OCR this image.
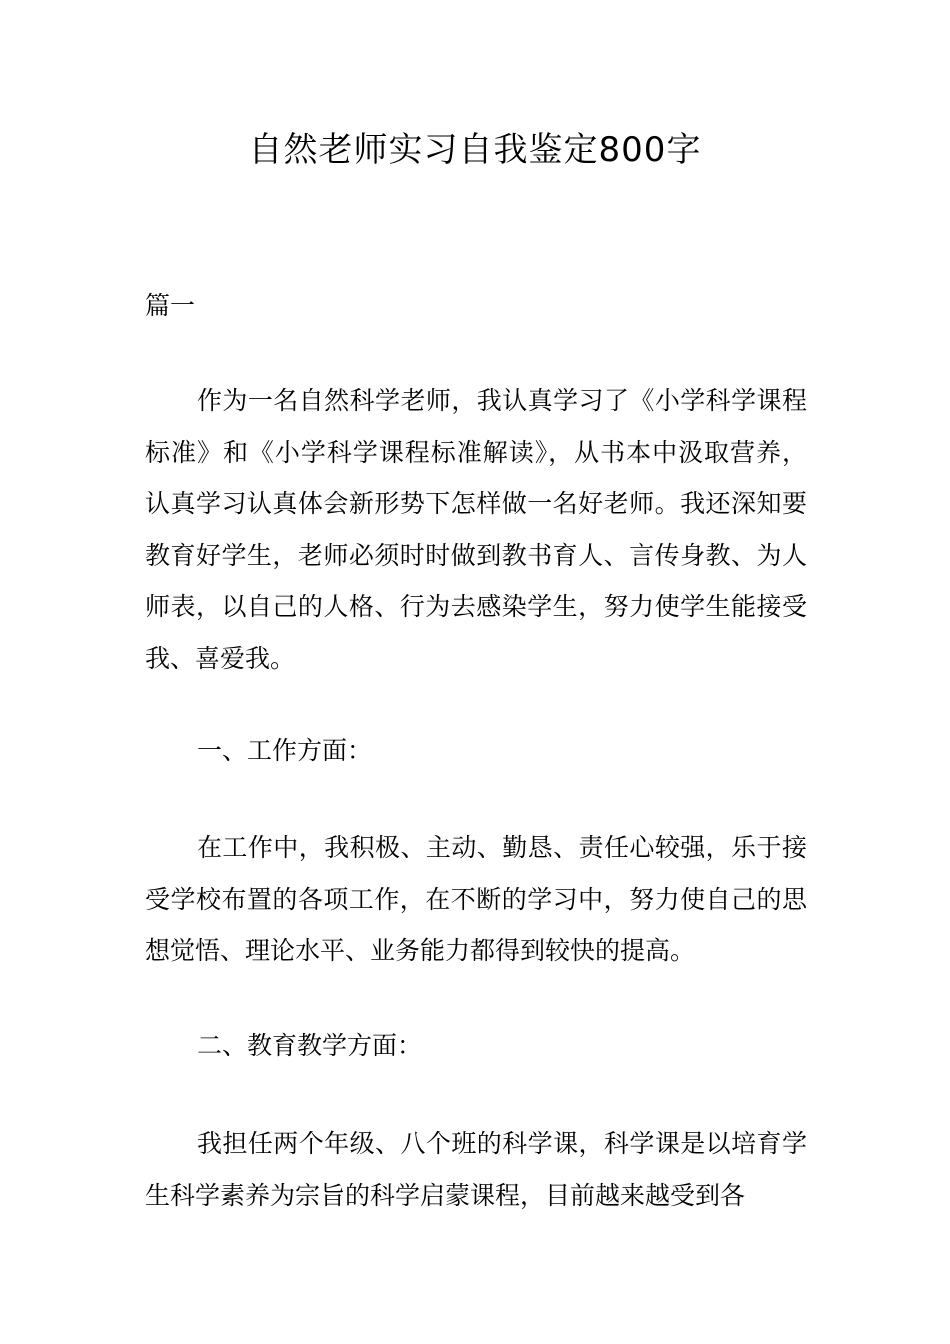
自然老师实习自我鉴定800字

篇一

作为一名自然科学老师，我认真学习了《小学科学课程标准》和《小学科学课程标准解读》，从书本中汲取营养，认真学习认真体会新形势下怎样做一名好老师。我还深知要教育好学生，老师必须时时做到教书育人、言传身教、为人师表，以自己的人格、行为去感染学生，努力使学生能接受我、喜爱我。

一、工作方面：

在工作中，我积极、主动、勤恳、责任心较强，乐于接受学校布置的各项工作，在不断的学习中，努力使自己的思想觉悟、理论水平、业务能力都得到较快的提高。

二、教育教学方面：

我担任两个年级、八个班的科学课，科学课是以培育学生科学素养为宗旨的科学启蒙课程，目前越来越受到各
